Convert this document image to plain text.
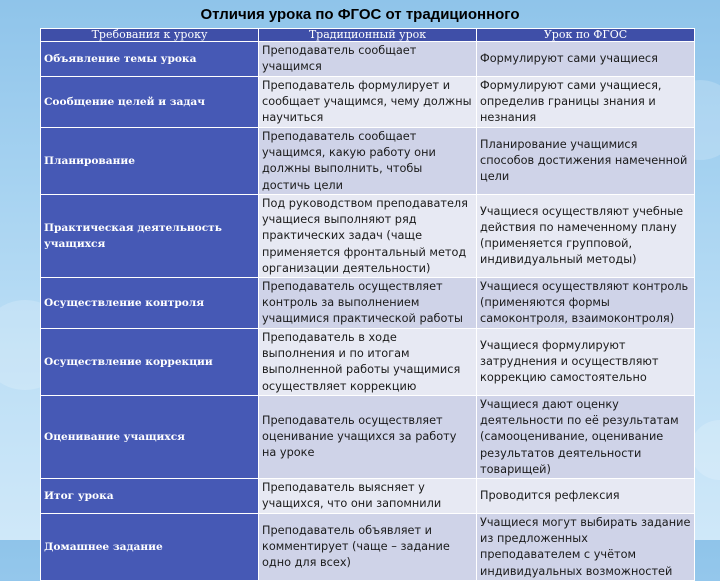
Отличия урока по ФГОС от традиционного
Требования к уроку	Традиционный урок	Урок по ФГОС
Объявление темы урока	Преподаватель сообщает учащимся	Формулируют сами учащиеся

Сообщение целей и задач	Преподаватель формулирует и сообщает учащимся, чему должны научиться	Формулируют сами учащиеся, определив границы знания и незнания

Планирование	Преподаватель сообщает учащимся, какую работу они должны выполнить, чтобы достичь цели	Планирование учащимися способов достижения намеченной цели

Практическая деятельность учащихся	Под руководством преподавателя учащиеся выполняют ряд практических задач (чаще применяется фронтальный метод организации деятельности)	Учащиеся осуществляют учебные действия по намеченному плану (применяется групповой, индивидуальный методы)

Осуществление контроля	Преподаватель осуществляет контроль за выполнением учащимися практической работы	Учащиеся осуществляют контроль (применяются формы самоконтроля, взаимоконтроля)

Осуществление коррекции	Преподаватель в ходе выполнения и по итогам выполненной работы учащимися осуществляет коррекцию	Учащиеся формулируют затруднения и осуществляют коррекцию самостоятельно

Оценивание учащихся	Преподаватель осуществляет оценивание учащихся за работу на уроке	Учащиеся дают оценку деятельности по её результатам (самооценивание, оценивание результатов деятельности товарищей)

Итог урока	Преподаватель выясняет у учащихся, что они запомнили	Проводится рефлексия

Домашнее задание	Преподаватель объявляет и комментирует (чаще – задание одно для всех)	Учащиеся могут выбирать задание из предложенных преподавателем с учётом индивидуальных возможностей
